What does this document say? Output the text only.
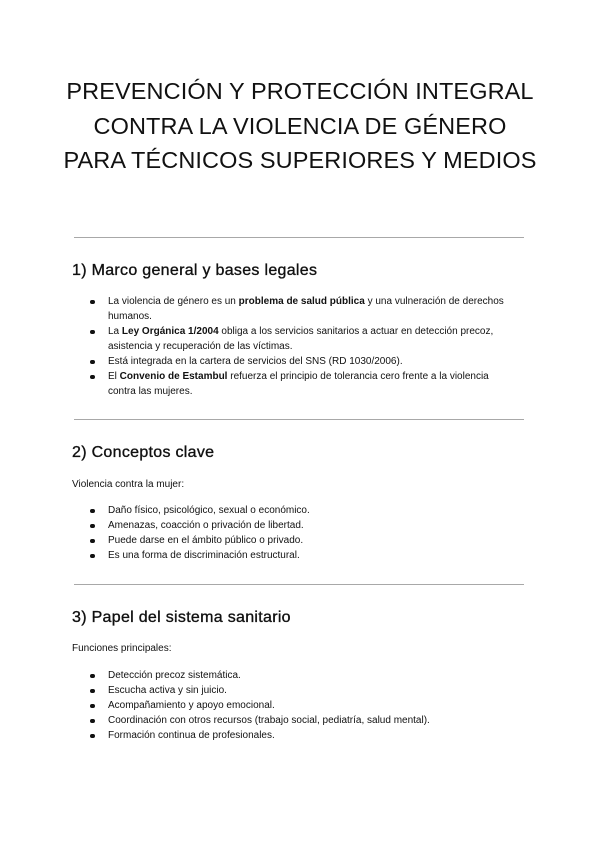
PREVENCIÓN Y PROTECCIÓN INTEGRAL CONTRA LA VIOLENCIA DE GÉNERO PARA TÉCNICOS SUPERIORES Y MEDIOS
1) Marco general y bases legales
La violencia de género es un problema de salud pública y una vulneración de derechos humanos.
La Ley Orgánica 1/2004 obliga a los servicios sanitarios a actuar en detección precoz, asistencia y recuperación de las víctimas.
Está integrada en la cartera de servicios del SNS (RD 1030/2006).
El Convenio de Estambul refuerza el principio de tolerancia cero frente a la violencia contra las mujeres.
2) Conceptos clave

Violencia contra la mujer:

Daño físico, psicológico, sexual o económico.
Amenazas, coacción o privación de libertad.
Puede darse en el ámbito público o privado.
Es una forma de discriminación estructural.
3) Papel del sistema sanitario

Funciones principales:

Detección precoz sistemática.
Escucha activa y sin juicio.
Acompañamiento y apoyo emocional.
Coordinación con otros recursos (trabajo social, pediatría, salud mental).
Formación continua de profesionales.
